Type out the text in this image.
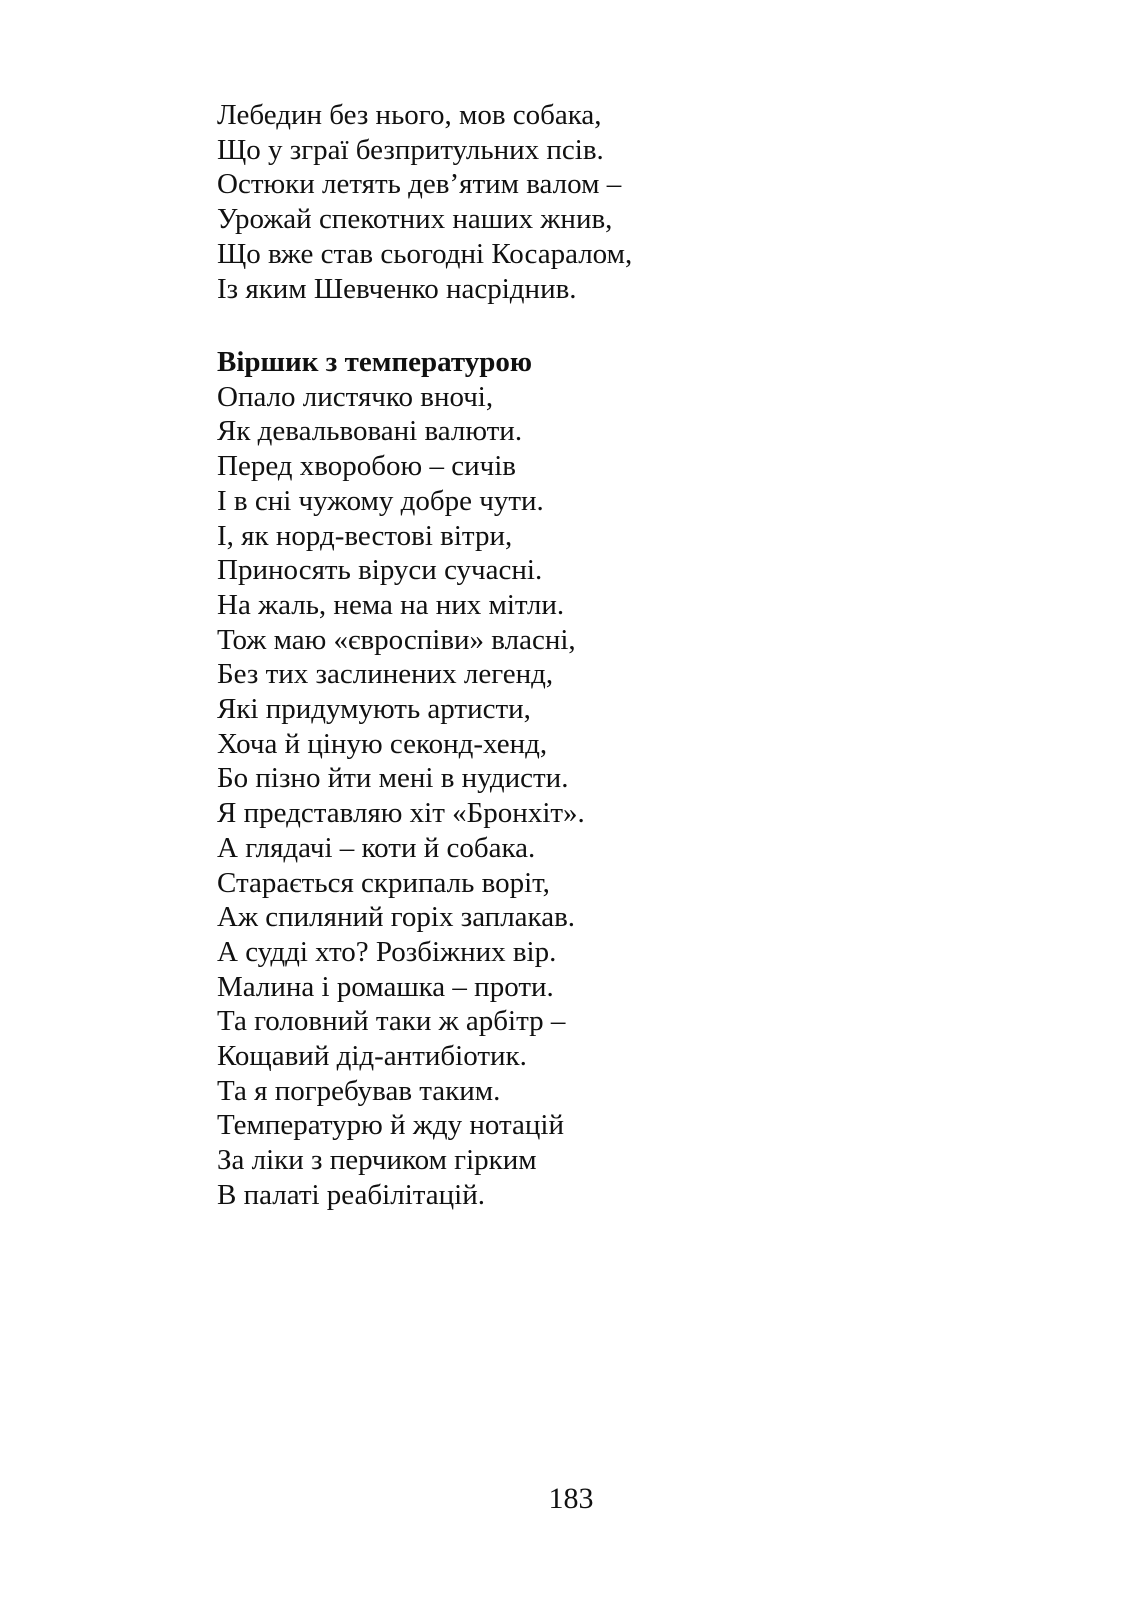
Лебедин без нього, мов собака,
Що у зграї безпритульних псів.
Остюки летять дев’ятим валом –
Урожай спекотних наших жнив,
Що вже став сьогодні Косаралом,
Із яким Шевченко насріднив.
Віршик з температурою
Опало листячко вночі,
Як девальвовані валюти.
Перед хворобою – сичів
І в сні чужому добре чути.
І, як норд-вестові вітри,
Приносять віруси сучасні.
На жаль, нема на них мітли.
Тож маю «євроспіви» власні,
Без тих заслинених легенд,
Які придумують артисти,
Хоча й ціную секонд-хенд,
Бо пізно йти мені в нудисти.
Я представляю хіт «Бронхіт».
А глядачі – коти й собака.
Старається скрипаль воріт,
Аж спиляний горіх заплакав.
А судді хто? Розбіжних вір.
Малина і ромашка – проти.
Та головний таки ж арбітр –
Кощавий дід-антибіотик.
Та я погребував таким.
Температурю й жду нотацій
За ліки з перчиком гірким
В палаті реабілітацій.
183
